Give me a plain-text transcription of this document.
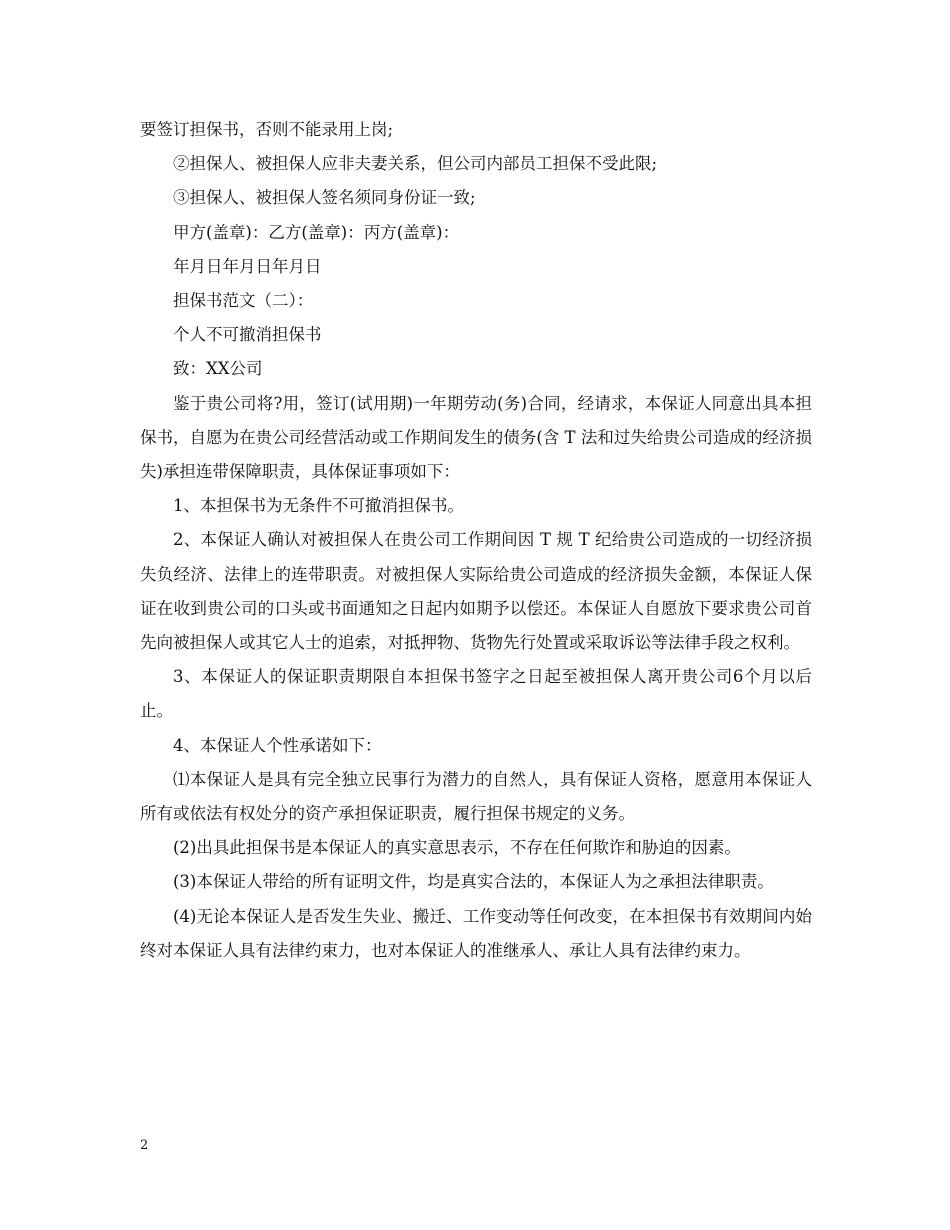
要签订担保书，否则不能录用上岗;

②担保人、被担保人应非夫妻关系，但公司内部员工担保不受此限;

③担保人、被担保人签名须同身份证一致;

甲方(盖章)：乙方(盖章)：丙方(盖章)：

年月日年月日年月日

担保书范文（二）：

个人不可撤消担保书

致：XX公司

鉴于贵公司将?用，签订(试用期)一年期劳动(务)合同，经请求，本保证人同意出具本担保书，自愿为在贵公司经营活动或工作期间发生的债务(含 T 法和过失给贵公司造成的经济损失)承担连带保障职责，具体保证事项如下：

1、本担保书为无条件不可撤消担保书。

2、本保证人确认对被担保人在贵公司工作期间因 T 规 T 纪给贵公司造成的一切经济损失负经济、法律上的连带职责。对被担保人实际给贵公司造成的经济损失金额，本保证人保证在收到贵公司的口头或书面通知之日起内如期予以偿还。本保证人自愿放下要求贵公司首先向被担保人或其它人士的追索，对抵押物、货物先行处置或采取诉讼等法律手段之权利。

3、本保证人的保证职责期限自本担保书签字之日起至被担保人离开贵公司6个月以后止。

4、本保证人个性承诺如下：

⑴本保证人是具有完全独立民事行为潜力的自然人，具有保证人资格，愿意用本保证人所有或依法有权处分的资产承担保证职责，履行担保书规定的义务。

(2)出具此担保书是本保证人的真实意思表示，不存在任何欺诈和胁迫的因素。

(3)本保证人带给的所有证明文件，均是真实合法的，本保证人为之承担法律职责。

(4)无论本保证人是否发生失业、搬迁、工作变动等任何改变，在本担保书有效期间内始终对本保证人具有法律约束力，也对本保证人的准继承人、承让人具有法律约束力。

2
